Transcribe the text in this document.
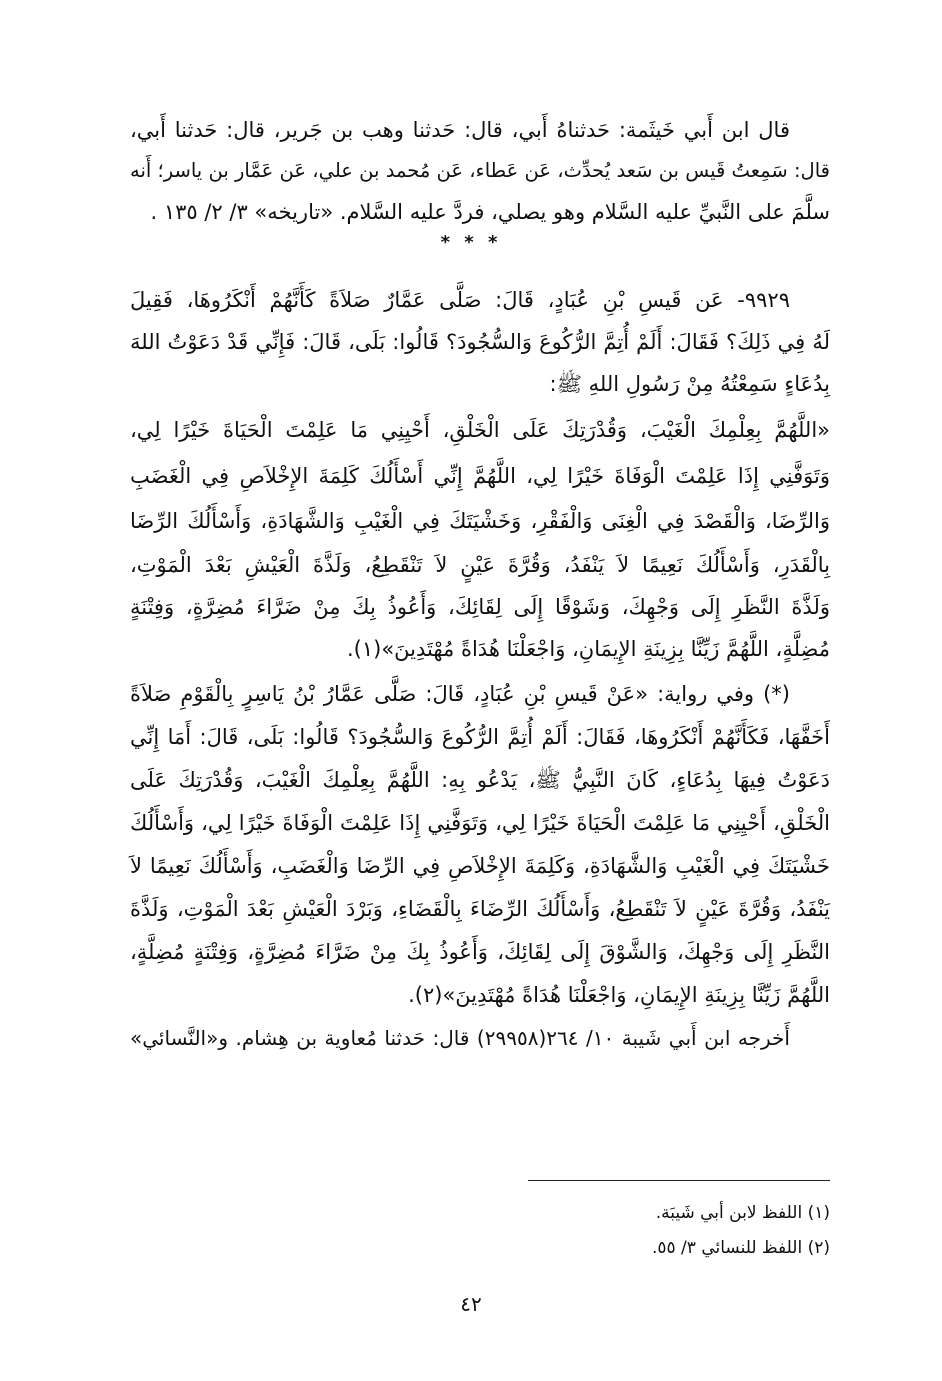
قال ابن أَبي خَيثَمة: حَدثناهُ أَبي، قال: حَدثنا وهب بن جَرير، قال: حَدثنا أَبي،
قال: سَمِعتُ قَيس بن سَعد يُحدِّث، عَن عَطاء، عَن مُحمد بن علي، عَن عَمَّار بن ياسر؛ أَنه
سلَّمَ على النَّبيِّ عليه السَّلام وهو يصلي، فردَّ عليه السَّلام. «تاريخه» ٣/ ٢/ ١٣٥ .
* * *
٩٩٢٩- عَن قَيسِ بْنِ عُبَادٍ، قَالَ: صَلَّى عَمَّارٌ صَلاَةً كَأَنَّهُمْ أَنْكَرُوهَا، فَقِيلَ
لَهُ فِي ذَلِكَ؟ فَقَالَ: أَلَمْ أُتِمَّ الرُّكُوعَ وَالسُّجُودَ؟ قَالُوا: بَلَى، قَالَ: فَإِنِّي قَدْ دَعَوْتُ اللهَ
بِدُعَاءٍ سَمِعْتُهُ مِنْ رَسُولِ اللهِ ﷺ:
«اللَّهُمَّ بِعِلْمِكَ الْغَيْبَ، وَقُدْرَتِكَ عَلَى الْخَلْقِ، أَحْيِنِي مَا عَلِمْتَ الْحَيَاةَ خَيْرًا لِي،
وَتَوَفَّنِي إِذَا عَلِمْتَ الْوَفَاةَ خَيْرًا لِي، اللَّهُمَّ إِنِّي أَسْأَلُكَ كَلِمَةَ الإِخْلاَصِ فِي الْغَضَبِ
وَالرِّضَا، وَالْقَصْدَ فِي الْغِنَى وَالْفَقْرِ، وَخَشْيَتَكَ فِي الْغَيْبِ وَالشَّهَادَةِ، وَأَسْأَلُكَ الرِّضَا
بِالْقَدَرِ، وَأَسْأَلُكَ نَعِيمًا لاَ يَنْفَدُ، وَقُرَّةَ عَيْنٍ لاَ تَنْقَطِعُ، وَلَذَّةَ الْعَيْشِ بَعْدَ الْمَوْتِ،
وَلَذَّةَ النَّظَرِ إِلَى وَجْهِكَ، وَشَوْقًا إِلَى لِقَائِكَ، وَأَعُوذُ بِكَ مِنْ ضَرَّاءَ مُضِرَّةٍ، وَفِتْنَةٍ
مُضِلَّةٍ، اللَّهُمَّ زَيِّنَّا بِزِينَةِ الإِيمَانِ، وَاجْعَلْنَا هُدَاةً مُهْتَدِينَ»(١).
(*) وفي رواية: «عَنْ قَيسِ بْنِ عُبَادٍ، قَالَ: صَلَّى عَمَّارُ بْنُ يَاسِرٍ بِالْقَوْمِ صَلاَةً
أَخَفَّهَا، فَكَأَنَّهُمْ أَنْكَرُوهَا، فَقَالَ: أَلَمْ أُتِمَّ الرُّكُوعَ وَالسُّجُودَ؟ قَالُوا: بَلَى، قَالَ: أَمَا إِنِّي
دَعَوْتُ فِيهَا بِدُعَاءٍ، كَانَ النَّبِيُّ ﷺ، يَدْعُو بِهِ: اللَّهُمَّ بِعِلْمِكَ الْغَيْبَ، وَقُدْرَتِكَ عَلَى
الْخَلْقِ، أَحْيِنِي مَا عَلِمْتَ الْحَيَاةَ خَيْرًا لِي، وَتَوَفَّنِي إِذَا عَلِمْتَ الْوَفَاةَ خَيْرًا لِي، وَأَسْأَلُكَ
خَشْيَتَكَ فِي الْغَيْبِ وَالشَّهَادَةِ، وَكَلِمَةَ الإِخْلاَصِ فِي الرِّضَا وَالْغَضَبِ، وَأَسْأَلُكَ نَعِيمًا لاَ
يَنْفَدُ، وَقُرَّةَ عَيْنٍ لاَ تَنْقَطِعُ، وَأَسْأَلُكَ الرِّضَاءَ بِالْقَضَاءِ، وَبَرْدَ الْعَيْشِ بَعْدَ الْمَوْتِ، وَلَذَّةَ
النَّظَرِ إِلَى وَجْهِكَ، وَالشَّوْقَ إِلَى لِقَائِكَ، وَأَعُوذُ بِكَ مِنْ ضَرَّاءَ مُضِرَّةٍ، وَفِتْنَةٍ مُضِلَّةٍ،
اللَّهُمَّ زَيِّنَّا بِزِينَةِ الإِيمَانِ، وَاجْعَلْنَا هُدَاةً مُهْتَدِينَ»(٢).
أَخرجه ابن أَبي شَيبة ١٠/ ٢٦٤(٢٩٩٥٨) قال: حَدثنا مُعاوية بن هِشام. و«النَّسائي»
(١) اللفظ لابن أبي شَيبَة.
(٢) اللفظ للنسائي ٣/ ٥٥.
٤٢
